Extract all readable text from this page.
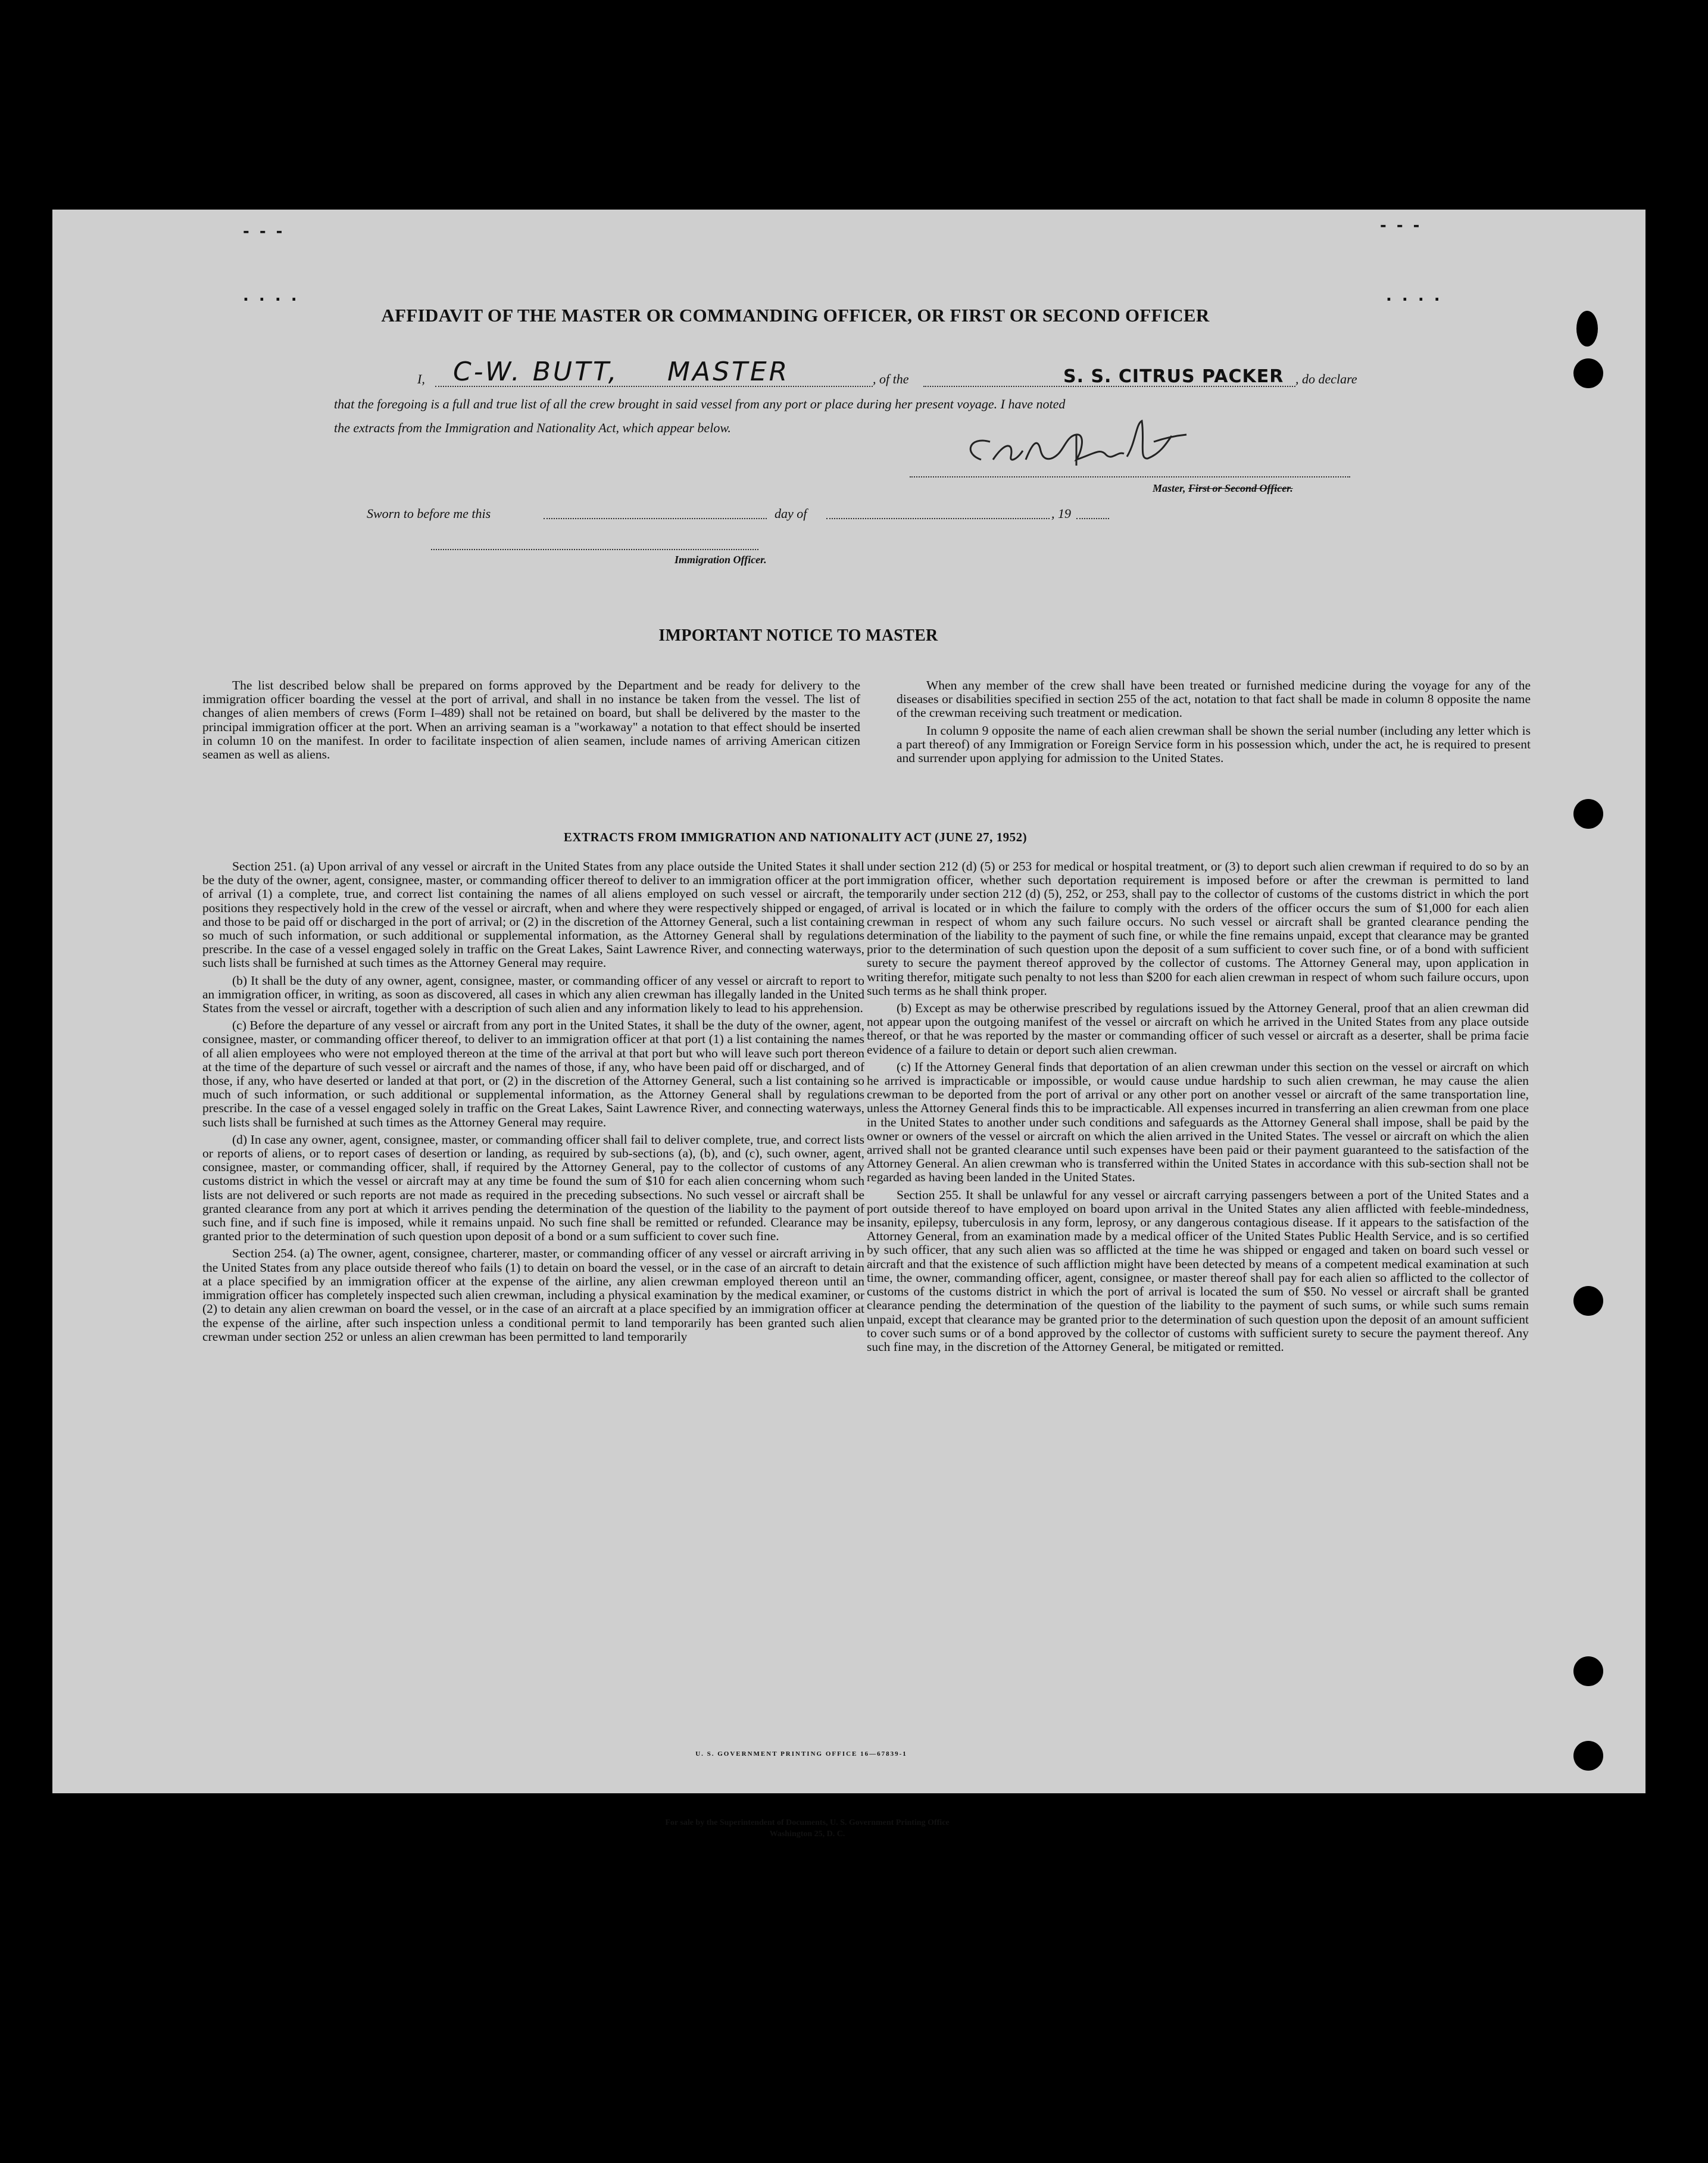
- - -	- - -
. . . .	. . . .
AFFIDAVIT OF THE MASTER OR COMMANDING OFFICER, OR FIRST OR SECOND OFFICER
I, C-W. BUTT, MASTER	, of the	S. S. CITRUS PACKER , do declare
that the foregoing is a full and true list of all the crew brought in said vessel from any port or place during her present voyage. I have noted
the extracts from the Immigration and Nationality Act, which appear below.
Master, First or Second Officer.
Sworn to before me this	day of	, 19
Immigration Officer.
IMPORTANT NOTICE TO MASTER

The list described below shall be prepared on forms approved by the Department and be ready for delivery to the immigration officer boarding the vessel at the port of arrival, and shall in no instance be taken from the vessel. The list of changes of alien members of crews (Form I–489) shall not be retained on board, but shall be delivered by the master to the principal immigration officer at the port. When an arriving seaman is a "workaway" a notation to that effect should be inserted in column 10 on the manifest. In order to facilitate inspection of alien seamen, include names of arriving American citizen seamen as well as aliens.

When any member of the crew shall have been treated or furnished medicine during the voyage for any of the diseases or disabilities specified in section 255 of the act, notation to that fact shall be made in column 8 opposite the name of the crewman receiving such treatment or medication.

In column 9 opposite the name of each alien crewman shall be shown the serial number (including any letter which is a part thereof) of any Immigration or Foreign Service form in his possession which, under the act, he is required to present and surrender upon applying for admission to the United States.

EXTRACTS FROM IMMIGRATION AND NATIONALITY ACT (JUNE 27, 1952)

Section 251. (a) Upon arrival of any vessel or aircraft in the United States from any place outside the United States it shall be the duty of the owner, agent, consignee, master, or commanding officer thereof to deliver to an immigration officer at the port of arrival (1) a complete, true, and correct list containing the names of all aliens employed on such vessel or aircraft, the positions they respectively hold in the crew of the vessel or aircraft, when and where they were respectively shipped or engaged, and those to be paid off or discharged in the port of arrival; or (2) in the discretion of the Attorney General, such a list containing so much of such information, or such additional or supplemental information, as the Attorney General shall by regulations prescribe. In the case of a vessel engaged solely in traffic on the Great Lakes, Saint Lawrence River, and connecting waterways, such lists shall be furnished at such times as the Attorney General may require.

(b) It shall be the duty of any owner, agent, consignee, master, or commanding officer of any vessel or aircraft to report to an immigration officer, in writing, as soon as discovered, all cases in which any alien crewman has illegally landed in the United States from the vessel or aircraft, together with a description of such alien and any information likely to lead to his apprehension.

(c) Before the departure of any vessel or aircraft from any port in the United States, it shall be the duty of the owner, agent, consignee, master, or commanding officer thereof, to deliver to an immigration officer at that port (1) a list containing the names of all alien employees who were not employed thereon at the time of the arrival at that port but who will leave such port thereon at the time of the departure of such vessel or aircraft and the names of those, if any, who have been paid off or discharged, and of those, if any, who have deserted or landed at that port, or (2) in the discretion of the Attorney General, such a list containing so much of such information, or such additional or supplemental information, as the Attorney General shall by regulations prescribe. In the case of a vessel engaged solely in traffic on the Great Lakes, Saint Lawrence River, and connecting waterways, such lists shall be furnished at such times as the Attorney General may require.

(d) In case any owner, agent, consignee, master, or commanding officer shall fail to deliver complete, true, and correct lists or reports of aliens, or to report cases of desertion or landing, as required by sub-sections (a), (b), and (c), such owner, agent, consignee, master, or commanding officer, shall, if required by the Attorney General, pay to the collector of customs of any customs district in which the vessel or aircraft may at any time be found the sum of $10 for each alien concerning whom such lists are not delivered or such reports are not made as required in the preceding subsections. No such vessel or aircraft shall be granted clearance from any port at which it arrives pending the determination of the question of the liability to the payment of such fine, and if such fine is imposed, while it remains unpaid. No such fine shall be remitted or refunded. Clearance may be granted prior to the determination of such question upon deposit of a bond or a sum sufficient to cover such fine.

Section 254. (a) The owner, agent, consignee, charterer, master, or commanding officer of any vessel or aircraft arriving in the United States from any place outside thereof who fails (1) to detain on board the vessel, or in the case of an aircraft to detain at a place specified by an immigration officer at the expense of the airline, any alien crewman employed thereon until an immigration officer has completely inspected such alien crewman, including a physical examination by the medical examiner, or (2) to detain any alien crewman on board the vessel, or in the case of an aircraft at a place specified by an immigration officer at the expense of the airline, after such inspection unless a conditional permit to land temporarily has been granted such alien crewman under section 252 or unless an alien crewman has been permitted to land temporarily

under section 212 (d) (5) or 253 for medical or hospital treatment, or (3) to deport such alien crewman if required to do so by an immigration officer, whether such deportation requirement is imposed before or after the crewman is permitted to land temporarily under section 212 (d) (5), 252, or 253, shall pay to the collector of customs of the customs district in which the port of arrival is located or in which the failure to comply with the orders of the officer occurs the sum of $1,000 for each alien crewman in respect of whom any such failure occurs. No such vessel or aircraft shall be granted clearance pending the determination of the liability to the payment of such fine, or while the fine remains unpaid, except that clearance may be granted prior to the determination of such question upon the deposit of a sum sufficient to cover such fine, or of a bond with sufficient surety to secure the payment thereof approved by the collector of customs. The Attorney General may, upon application in writing therefor, mitigate such penalty to not less than $200 for each alien crewman in respect of whom such failure occurs, upon such terms as he shall think proper.

(b) Except as may be otherwise prescribed by regulations issued by the Attorney General, proof that an alien crewman did not appear upon the outgoing manifest of the vessel or aircraft on which he arrived in the United States from any place outside thereof, or that he was reported by the master or commanding officer of such vessel or aircraft as a deserter, shall be prima facie evidence of a failure to detain or deport such alien crewman.

(c) If the Attorney General finds that deportation of an alien crewman under this section on the vessel or aircraft on which he arrived is impracticable or impossible, or would cause undue hardship to such alien crewman, he may cause the alien crewman to be deported from the port of arrival or any other port on another vessel or aircraft of the same transportation line, unless the Attorney General finds this to be impracticable. All expenses incurred in transferring an alien crewman from one place in the United States to another under such conditions and safeguards as the Attorney General shall impose, shall be paid by the owner or owners of the vessel or aircraft on which the alien arrived in the United States. The vessel or aircraft on which the alien arrived shall not be granted clearance until such expenses have been paid or their payment guaranteed to the satisfaction of the Attorney General. An alien crewman who is transferred within the United States in accordance with this sub-section shall not be regarded as having been landed in the United States.

Section 255. It shall be unlawful for any vessel or aircraft carrying passengers between a port of the United States and a port outside thereof to have employed on board upon arrival in the United States any alien afflicted with feeble-mindedness, insanity, epilepsy, tuberculosis in any form, leprosy, or any dangerous contagious disease. If it appears to the satisfaction of the Attorney General, from an examination made by a medical officer of the United States Public Health Service, and is so certified by such officer, that any such alien was so afflicted at the time he was shipped or engaged and taken on board such vessel or aircraft and that the existence of such affliction might have been detected by means of a competent medical examination at such time, the owner, commanding officer, agent, consignee, or master thereof shall pay for each alien so afflicted to the collector of customs of the customs district in which the port of arrival is located the sum of $50. No vessel or aircraft shall be granted clearance pending the determination of the question of the liability to the payment of such sums, or while such sums remain unpaid, except that clearance may be granted prior to the determination of such question upon the deposit of an amount sufficient to cover such sums or of a bond approved by the collector of customs with sufficient surety to secure the payment thereof. Any such fine may, in the discretion of the Attorney General, be mitigated or remitted.

U. S. GOVERNMENT PRINTING OFFICE 16—67839-1
For sale by the Superintendent of Documents, U. S. Government Printing Office
Washington 25, D. C.
